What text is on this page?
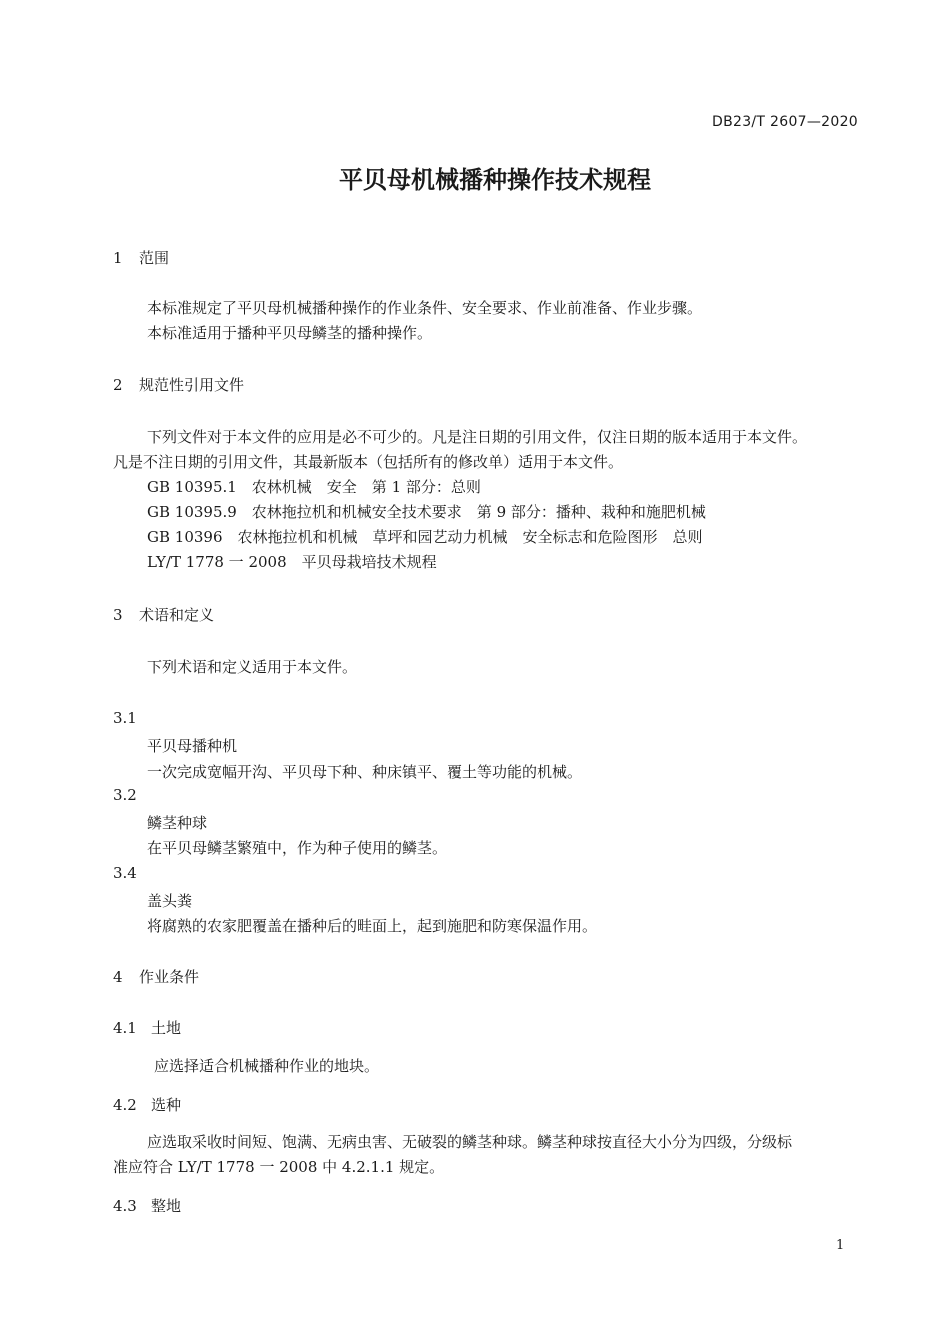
DB23/T 2607—2020
平贝母机械播种操作技术规程
1 范围
本标准规定了平贝母机械播种操作的作业条件、安全要求、作业前准备、作业步骤。
本标准适用于播种平贝母鳞茎的播种操作。
2 规范性引用文件
下列文件对于本文件的应用是必不可少的。凡是注日期的引用文件，仅注日期的版本适用于本文件。
凡是不注日期的引用文件，其最新版本（包括所有的修改单）适用于本文件。
GB 10395.1　农林机械　安全　第 1 部分：总则
GB 10395.9　农林拖拉机和机械安全技术要求　第 9 部分：播种、栽种和施肥机械
GB 10396　农林拖拉机和机械　草坪和园艺动力机械　安全标志和危险图形　总则
LY/T 1778 一 2008　平贝母栽培技术规程
3 术语和定义
下列术语和定义适用于本文件。
3.1
平贝母播种机
一次完成宽幅开沟、平贝母下种、种床镇平、覆土等功能的机械。
3.2
鳞茎种球
在平贝母鳞茎繁殖中，作为种子使用的鳞茎。
3.4
盖头粪
将腐熟的农家肥覆盖在播种后的畦面上，起到施肥和防寒保温作用。
4 作业条件
4.1 土地
应选择适合机械播种作业的地块。
4.2 选种
应选取采收时间短、饱满、无病虫害、无破裂的鳞茎种球。鳞茎种球按直径大小分为四级，分级标
准应符合 LY/T 1778 一 2008 中 4.2.1.1 规定。
4.3 整地
1
